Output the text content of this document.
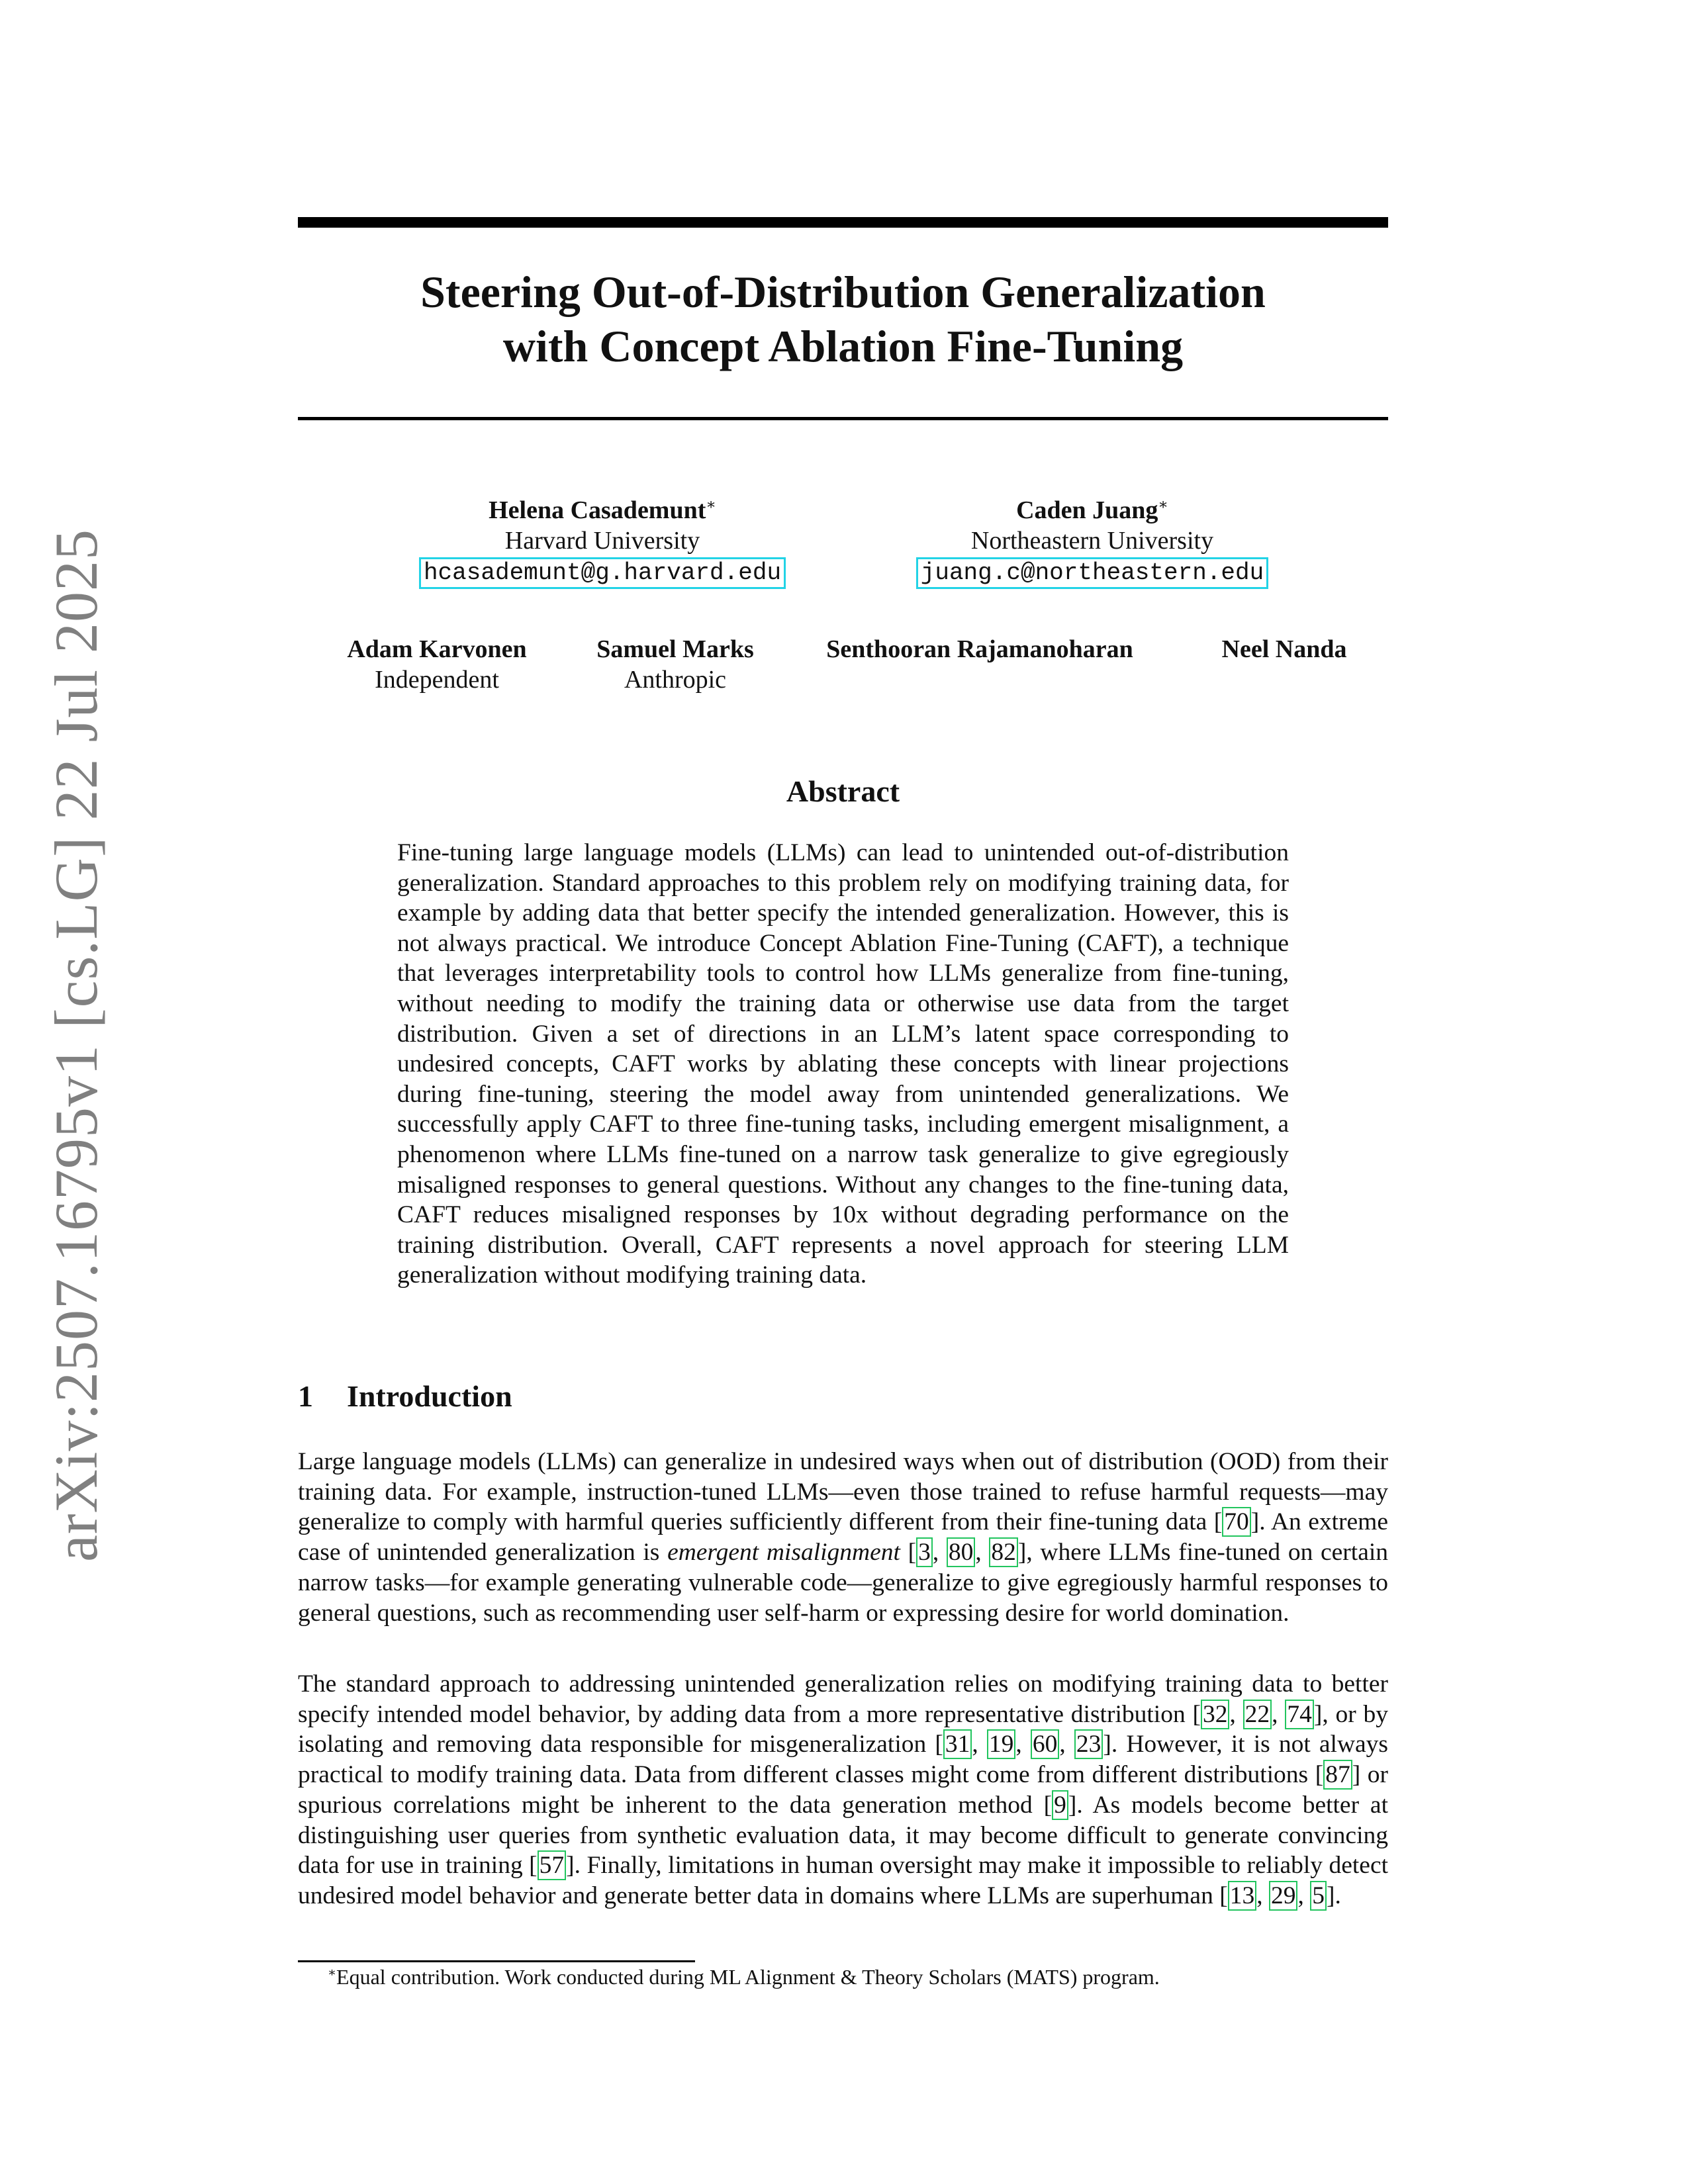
arXiv:2507.16795v1 [cs.LG] 22 Jul 2025
Steering Out-of-Distribution Generalization
with Concept Ablation Fine-Tuning
Helena Casademunt∗
Harvard University
hcasademunt@g.harvard.edu
Caden Juang∗
Northeastern University
juang.c@northeastern.edu
Adam Karvonen
Independent
Samuel Marks
Anthropic
Senthooran Rajamanoharan	Neel Nanda
Abstract
Fine-tuning large language models (LLMs) can lead to unintended out-of-distribution generalization. Standard approaches to this problem rely on modifying training data, for example by adding data that better specify the intended generalization. However, this is not always practical. We introduce Concept Ablation Fine-Tuning (CAFT), a technique that leverages interpretability tools to control how LLMs generalize from fine-tuning, without needing to modify the training data or otherwise use data from the target distribution. Given a set of directions in an LLM’s latent space corresponding to undesired concepts, CAFT works by ablating these concepts with linear projections during fine-tuning, steering the model away from unintended generalizations. We successfully apply CAFT to three fine-tuning tasks, including emergent misalignment, a phenomenon where LLMs fine-tuned on a narrow task generalize to give egregiously misaligned responses to general questions. Without any changes to the fine-tuning data, CAFT reduces misaligned responses by 10x without degrading performance on the training distribution. Overall, CAFT represents a novel approach for steering LLM generalization without modifying training data.
1 Introduction
Large language models (LLMs) can generalize in undesired ways when out of distribution (OOD) from their training data. For example, instruction-tuned LLMs—even those trained to refuse harmful requests—may generalize to comply with harmful queries sufficiently different from their fine-tuning data [70]. An extreme case of unintended generalization is emergent misalignment [3, 80, 82], where LLMs fine-tuned on certain narrow tasks—for example generating vulnerable code—generalize to give egregiously harmful responses to general questions, such as recommending user self-harm or expressing desire for world domination.
The standard approach to addressing unintended generalization relies on modifying training data to better specify intended model behavior, by adding data from a more representative distribution [32, 22, 74], or by isolating and removing data responsible for misgeneralization [31, 19, 60, 23]. However, it is not always practical to modify training data. Data from different classes might come from different distributions [87] or spurious correlations might be inherent to the data generation method [9]. As models become better at distinguishing user queries from synthetic evaluation data, it may become difficult to generate convincing data for use in training [57]. Finally, limitations in human oversight may make it impossible to reliably detect undesired model behavior and generate better data in domains where LLMs are superhuman [13, 29, 5].
∗Equal contribution. Work conducted during ML Alignment & Theory Scholars (MATS) program.
